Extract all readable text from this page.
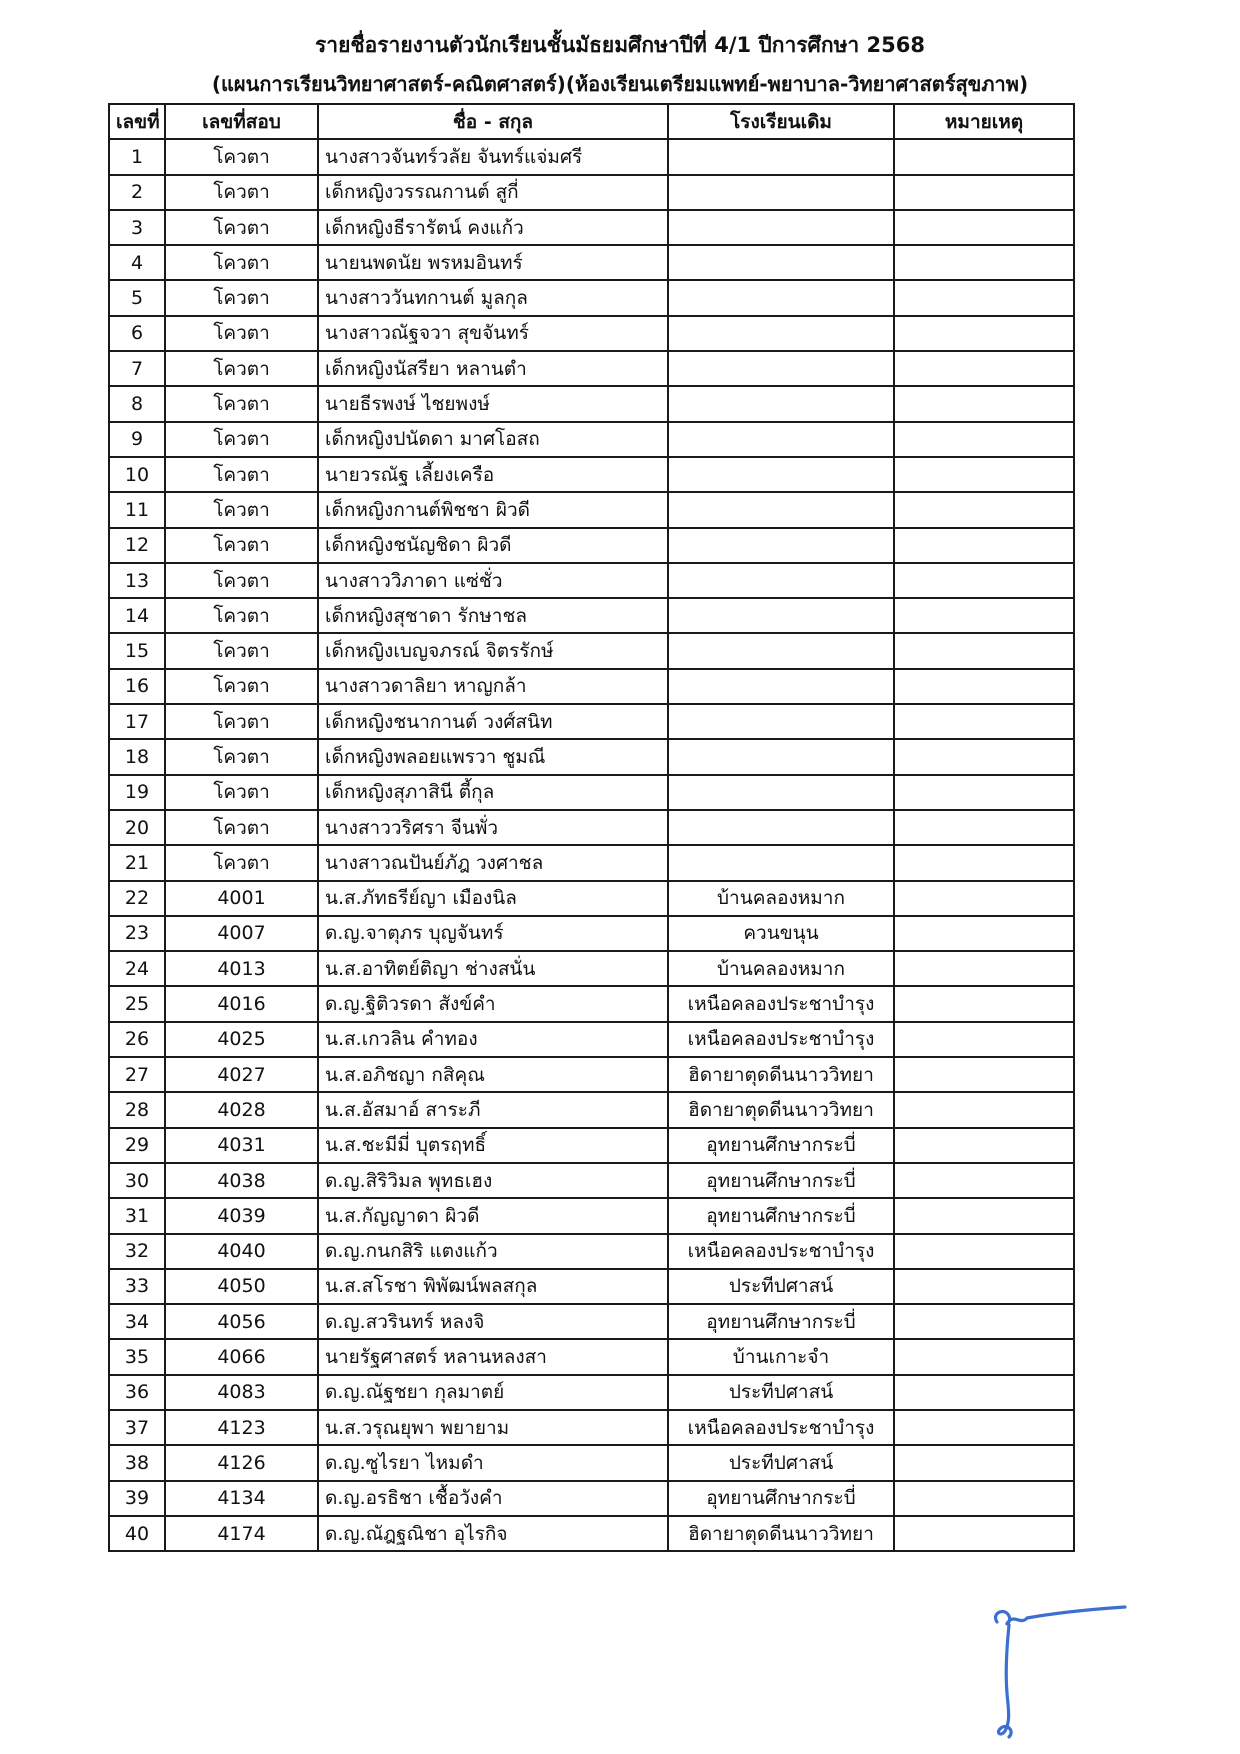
รายชื่อรายงานตัวนักเรียนชั้นมัธยมศึกษาปีที่ 4/1 ปีการศึกษา 2568
(แผนการเรียนวิทยาศาสตร์-คณิตศาสตร์)(ห้องเรียนเตรียมแพทย์-พยาบาล-วิทยาศาสตร์สุขภาพ)
เลขที่	เลขที่สอบ	ชื่อ - สกุล	โรงเรียนเดิม	หมายเหตุ
1	โควตา	นางสาวจันทร์วลัย จันทร์แจ่มศรี		
2	โควตา	เด็กหญิงวรรณกานต์ สูกี่		
3	โควตา	เด็กหญิงธีรารัตน์ คงแก้ว		
4	โควตา	นายนพดนัย พรหมอินทร์		
5	โควตา	นางสาววันทกานต์ มูลกุล		
6	โควตา	นางสาวณัฐจวา สุขจันทร์		
7	โควตา	เด็กหญิงนัสรียา หลานตำ		
8	โควตา	นายธีรพงษ์ ไชยพงษ์		
9	โควตา	เด็กหญิงปนัดดา มาศโอสถ		
10	โควตา	นายวรณัฐ เลี้ยงเครือ		
11	โควตา	เด็กหญิงกานต์พิชชา ผิวดี		
12	โควตา	เด็กหญิงชนัญชิดา ผิวดี		
13	โควตา	นางสาววิภาดา แซ่ชั่ว		
14	โควตา	เด็กหญิงสุชาดา รักษาชล		
15	โควตา	เด็กหญิงเบญจภรณ์ จิตรรักษ์		
16	โควตา	นางสาวดาลิยา หาญกล้า		
17	โควตา	เด็กหญิงชนากานต์ วงศ์สนิท		
18	โควตา	เด็กหญิงพลอยแพรวา ชูมณี		
19	โควตา	เด็กหญิงสุภาสินี ตี้กุล		
20	โควตา	นางสาววริศรา จีนพั่ว		
21	โควตา	นางสาวณปันย์ภัฎ วงศาชล		
22	4001	น.ส.ภัทธรีย์ญา เมืองนิล	บ้านคลองหมาก	
23	4007	ด.ญ.จาตุภร บุญจันทร์	ควนขนุน	
24	4013	น.ส.อาทิตย์ติญา ช่างสนั่น	บ้านคลองหมาก	
25	4016	ด.ญ.ฐิติวรดา สังข์คำ	เหนือคลองประชาบำรุง	
26	4025	น.ส.เกวลิน คำทอง	เหนือคลองประชาบำรุง	
27	4027	น.ส.อภิชญา กสิคุณ	ฮิดายาตุดดีนนาววิทยา	
28	4028	น.ส.อัสมาอ์ สาระภี	ฮิดายาตุดดีนนาววิทยา	
29	4031	น.ส.ชะมีมี่ บุตรฤทธิ์	อุทยานศึกษากระบี่	
30	4038	ด.ญ.สิริวิมล พุทธเฮง	อุทยานศึกษากระบี่	
31	4039	น.ส.กัญญาดา ผิวดี	อุทยานศึกษากระบี่	
32	4040	ด.ญ.กนกสิริ แตงแก้ว	เหนือคลองประชาบำรุง	
33	4050	น.ส.สโรชา พิพัฒน์พลสกุล	ประทีปศาสน์	
34	4056	ด.ญ.สวรินทร์ หลงจิ	อุทยานศึกษากระบี่	
35	4066	นายรัฐศาสตร์ หลานหลงสา	บ้านเกาะจำ	
36	4083	ด.ญ.ณัฐชยา กุลมาตย์	ประทีปศาสน์	
37	4123	น.ส.วรุณยุพา พยายาม	เหนือคลองประชาบำรุง	
38	4126	ด.ญ.ซูไรยา ไหมดำ	ประทีปศาสน์	
39	4134	ด.ญ.อรธิชา เชื้อวังคำ	อุทยานศึกษากระบี่	
40	4174	ด.ญ.ณัฎฐณิชา อุไรกิจ	ฮิดายาตุดดีนนาววิทยา	
